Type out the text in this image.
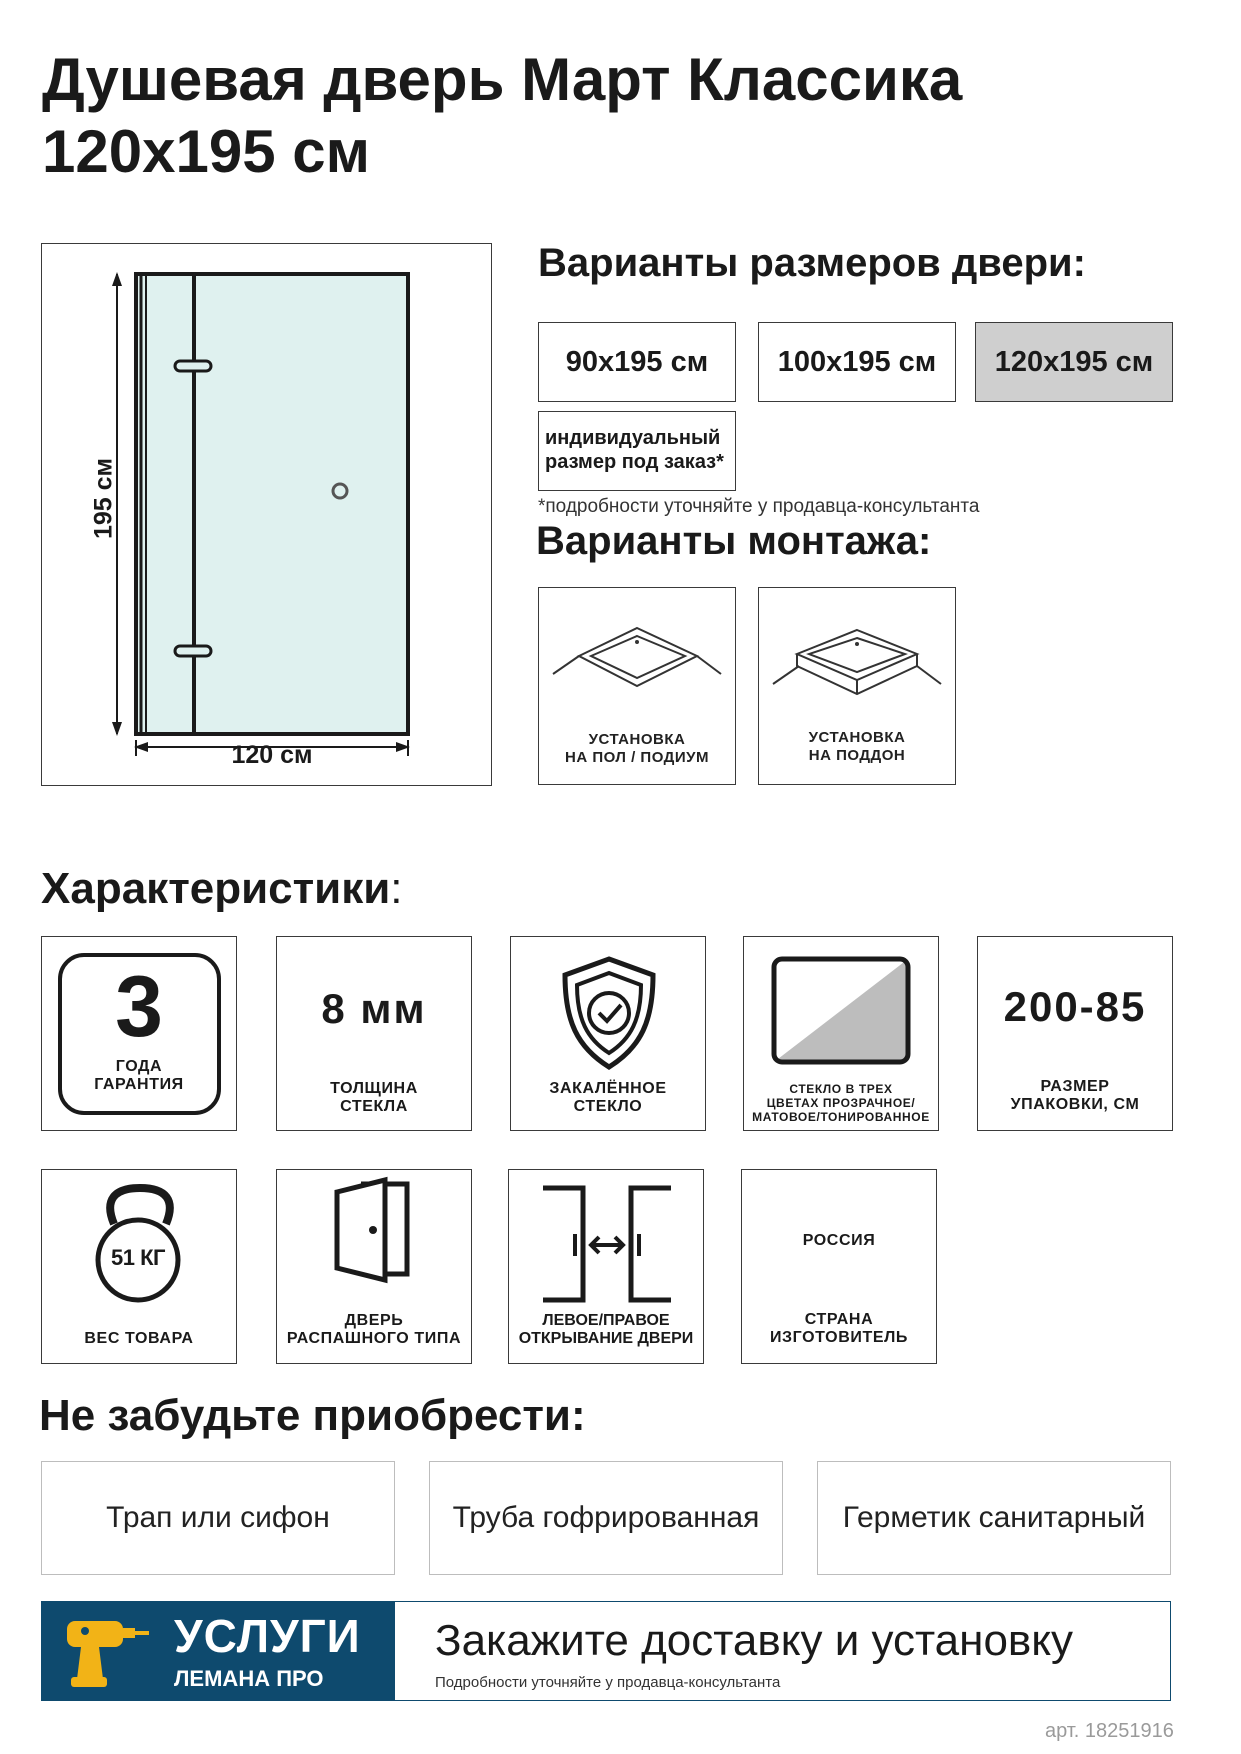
Душевая дверь Март Классика 120x195 см
195 см
120 см
Варианты размеров двери:
90x195 см	100x195 см	120x195 см
индивидуальный
размер под заказ*
*подробности уточняйте у продавца-консультанта
Варианты монтажа:
УСТАНОВКА
НА ПОЛ / ПОДИУМ
УСТАНОВКА
НА ПОДДОН
Характеристики:
3
ГОДА
ГАРАНТИЯ
8 мм
ТОЛЩИНА
СТЕКЛА
ЗАКАЛЁННОЕ
СТЕКЛО
СТЕКЛО В ТРЕХ
ЦВЕТАХ ПРОЗРАЧНОЕ/
МАТОВОЕ/ТОНИРОВАННОЕ
200-85
РАЗМЕР
УПАКОВКИ, СМ
51 КГ
ВЕС ТОВАРА
ДВЕРЬ
РАСПАШНОГО ТИПА
ЛЕВОЕ/ПРАВОЕ
ОТКРЫВАНИЕ ДВЕРИ
РОССИЯ
СТРАНА
ИЗГОТОВИТЕЛЬ
Не забудьте приобрести:
Трап или сифон	Труба гофрированная	Герметик санитарный
УСЛУГИ
ЛЕМАНА ПРО
Закажите доставку и установку
Подробности уточняйте у продавца-консультанта
арт. 18251916
